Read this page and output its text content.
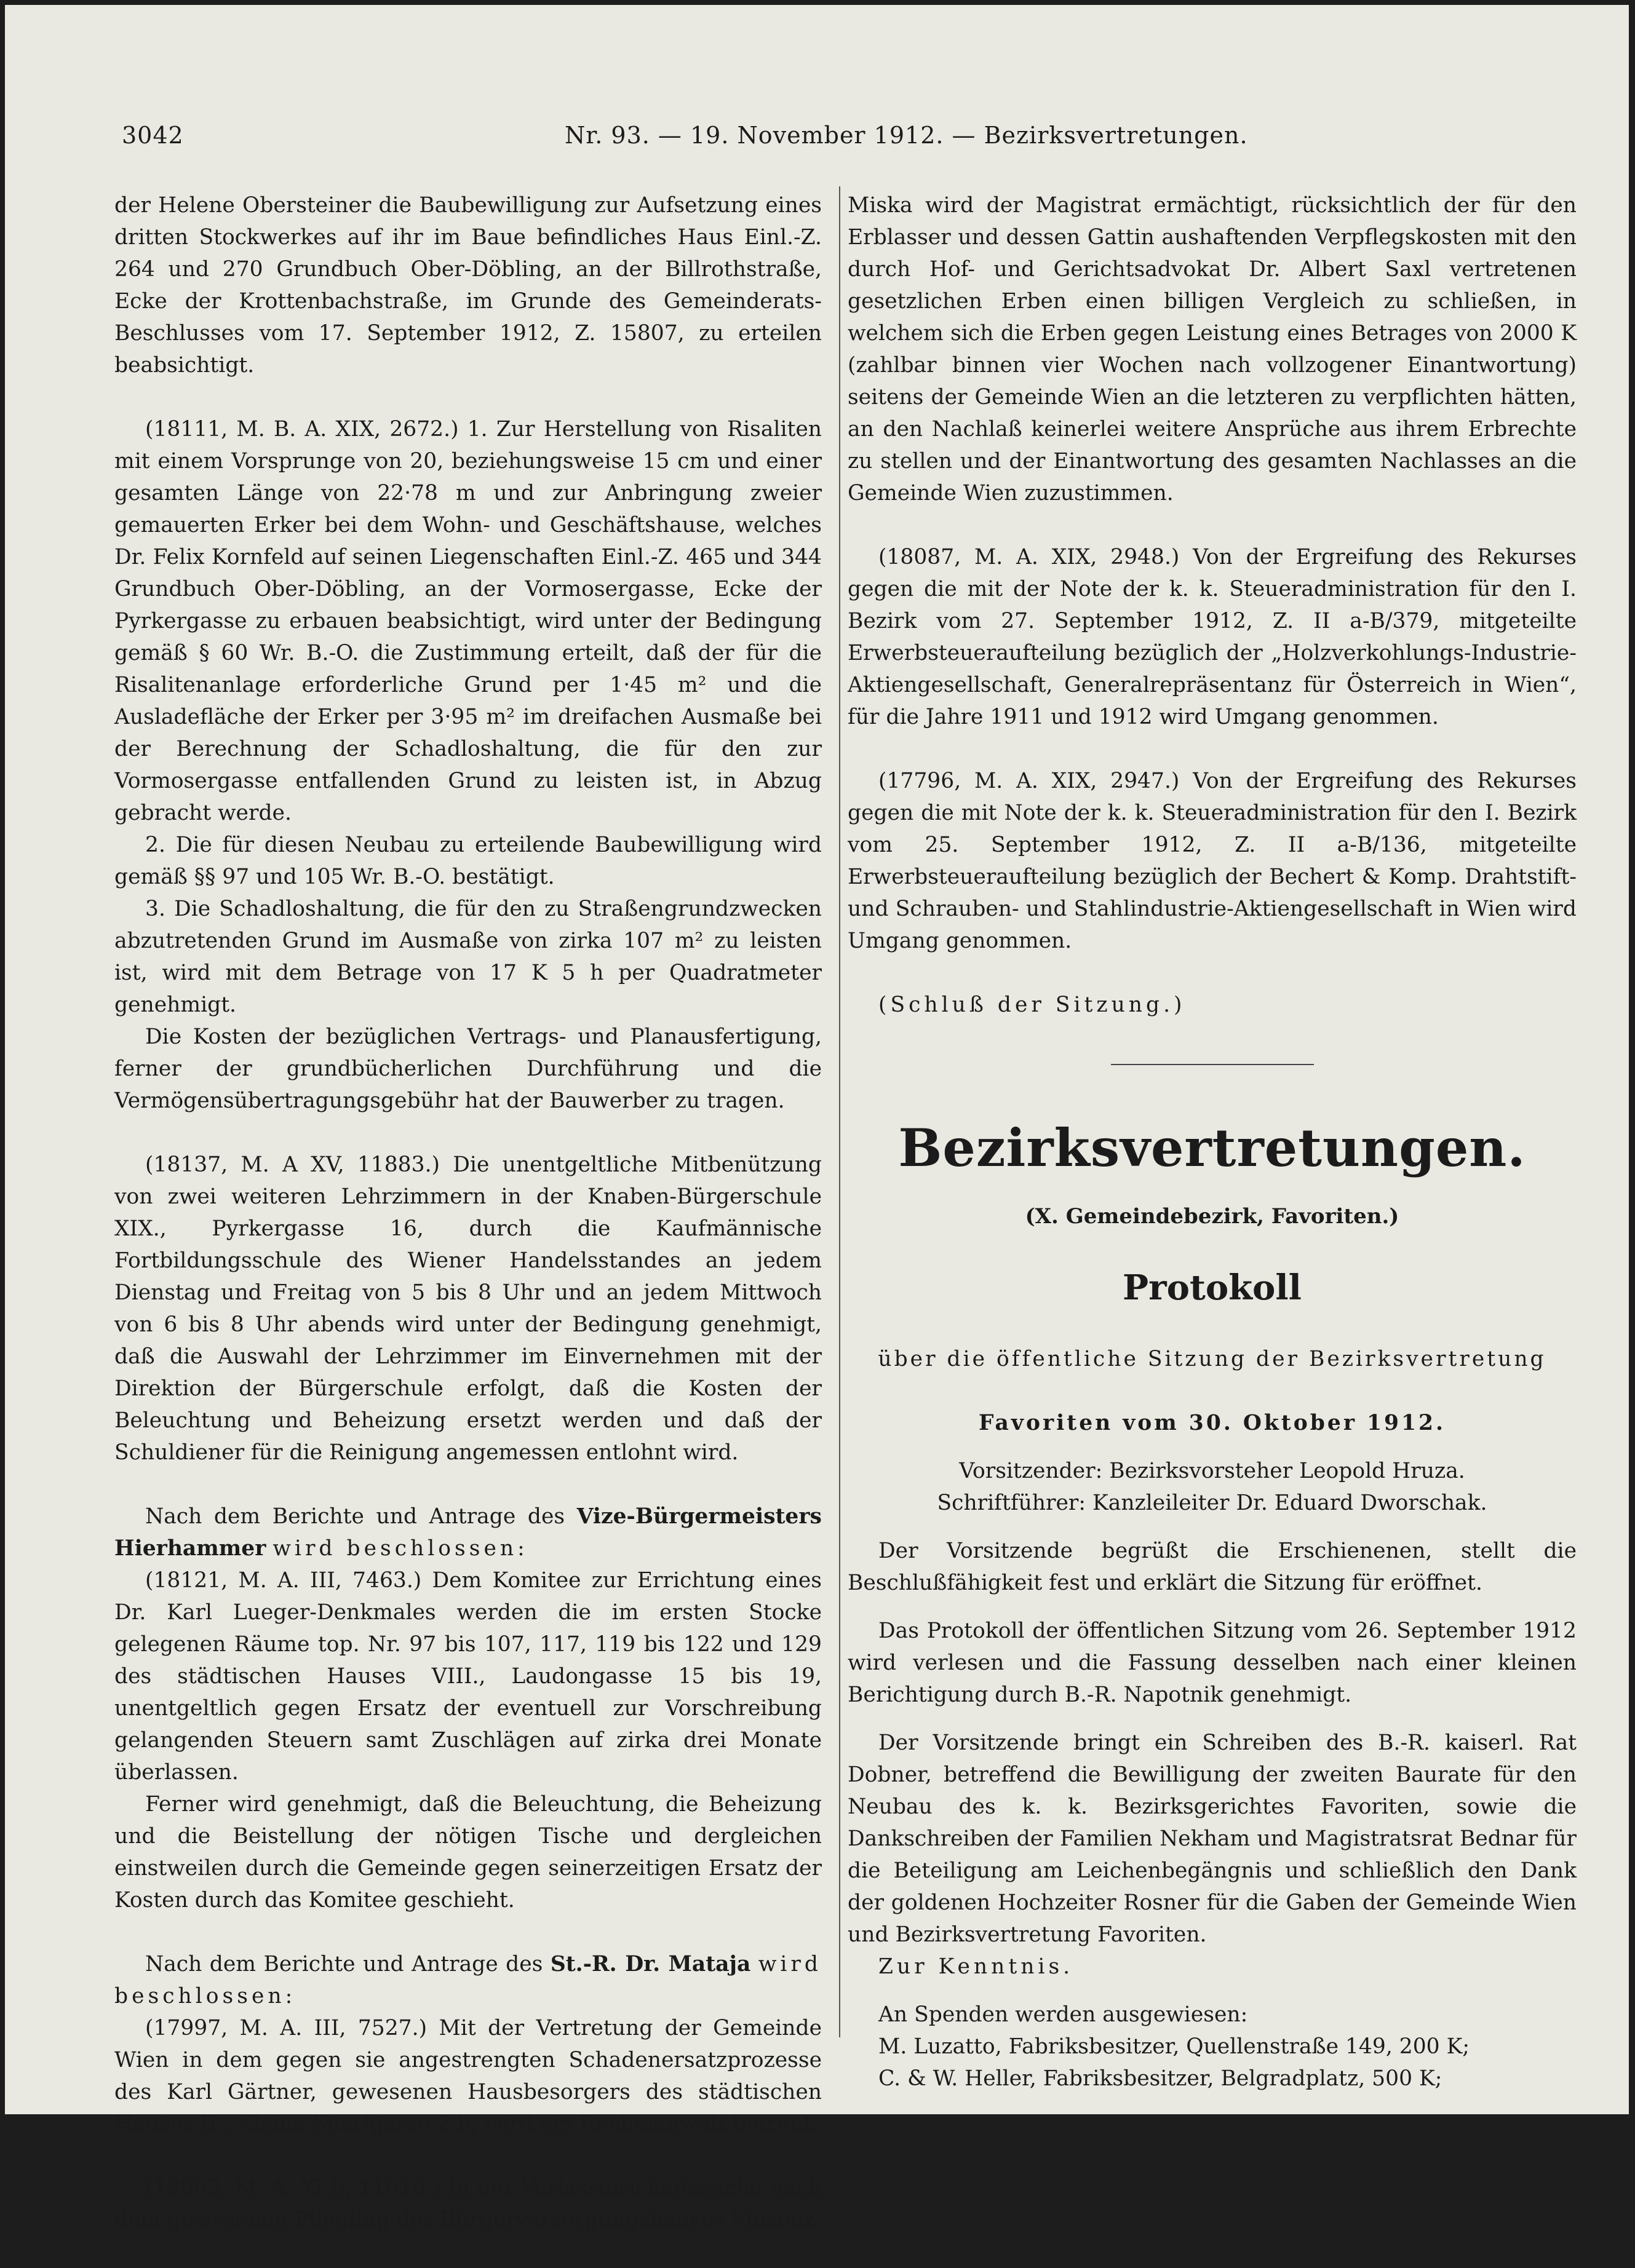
3042	Nr. 93. — 19. November 1912. — Bezirksvertretungen.

der Helene Obersteiner die Baubewilligung zur Aufsetzung eines dritten Stockwerkes auf ihr im Baue befindliches Haus Einl.-Z. 264 und 270 Grundbuch Ober-Döbling, an der Billrothstraße, Ecke der Krottenbachstraße, im Grunde des Gemeinderats-Beschlusses vom 17. September 1912, Z. 15807, zu erteilen beabsichtigt.

(18111, M. B. A. XIX, 2672.) 1. Zur Herstellung von Risaliten mit einem Vorsprunge von 20, beziehungsweise 15 cm und einer gesamten Länge von 22·78 m und zur Anbringung zweier gemauerten Erker bei dem Wohn- und Geschäftshause, welches Dr. Felix Kornfeld auf seinen Liegenschaften Einl.-Z. 465 und 344 Grundbuch Ober-Döbling, an der Vormosergasse, Ecke der Pyrkergasse zu erbauen beabsichtigt, wird unter der Bedingung gemäß § 60 Wr. B.-O. die Zustimmung erteilt, daß der für die Risalitenanlage erforderliche Grund per 1·45 m² und die Ausladefläche der Erker per 3·95 m² im dreifachen Ausmaße bei der Berechnung der Schadloshaltung, die für den zur Vormosergasse entfallenden Grund zu leisten ist, in Abzug gebracht werde.

2. Die für diesen Neubau zu erteilende Baubewilligung wird gemäß §§ 97 und 105 Wr. B.-O. bestätigt.

3. Die Schadloshaltung, die für den zu Straßengrundzwecken abzutretenden Grund im Ausmaße von zirka 107 m² zu leisten ist, wird mit dem Betrage von 17 K 5 h per Quadratmeter genehmigt.

Die Kosten der bezüglichen Vertrags- und Planausfertigung, ferner der grundbücherlichen Durchführung und die Vermögensübertragungsgebühr hat der Bauwerber zu tragen.

(18137, M. A XV, 11883.) Die unentgeltliche Mitbenützung von zwei weiteren Lehrzimmern in der Knaben-Bürgerschule XIX., Pyrkergasse 16, durch die Kaufmännische Fortbildungsschule des Wiener Handelsstandes an jedem Dienstag und Freitag von 5 bis 8 Uhr und an jedem Mittwoch von 6 bis 8 Uhr abends wird unter der Bedingung genehmigt, daß die Auswahl der Lehrzimmer im Einvernehmen mit der Direktion der Bürgerschule erfolgt, daß die Kosten der Beleuchtung und Beheizung ersetzt werden und daß der Schuldiener für die Reinigung angemessen entlohnt wird.

Nach dem Berichte und Antrage des Vize-Bürgermeisters Hierhammer wird beschlossen:

(18121, M. A. III, 7463.) Dem Komitee zur Errichtung eines Dr. Karl Lueger-Denkmales werden die im ersten Stocke gelegenen Räume top. Nr. 97 bis 107, 117, 119 bis 122 und 129 des städtischen Hauses VIII., Laudongasse 15 bis 19, unentgeltlich gegen Ersatz der eventuell zur Vorschreibung gelangenden Steuern samt Zuschlägen auf zirka drei Monate überlassen.

Ferner wird genehmigt, daß die Beleuchtung, die Beheizung und die Beistellung der nötigen Tische und dergleichen einstweilen durch die Gemeinde gegen seinerzeitigen Ersatz der Kosten durch das Komitee geschieht.

Nach dem Berichte und Antrage des St.-R. Dr. Mataja wird beschlossen:

(17997, M. A. III, 7527.) Mit der Vertretung der Gemeinde Wien in dem gegen sie angestrengten Schadenersatzprozesse des Karl Gärtner, gewesenen Hausbesorgers des städtischen Hauses II., Kleine Sperlgasse 2 b, wird ein Rechtsanwalt betraut.

(18063, M. A. XI b, 11610.) In der Verlassenschaftssache nach dem gewesenen Pflegling des Bürgerversorgungshauses Vinzenz

Miska wird der Magistrat ermächtigt, rücksichtlich der für den Erblasser und dessen Gattin aushaftenden Verpflegskosten mit den durch Hof- und Gerichtsadvokat Dr. Albert Saxl vertretenen gesetzlichen Erben einen billigen Vergleich zu schließen, in welchem sich die Erben gegen Leistung eines Betrages von 2000 K (zahlbar binnen vier Wochen nach vollzogener Einantwortung) seitens der Gemeinde Wien an die letzteren zu verpflichten hätten, an den Nachlaß keinerlei weitere Ansprüche aus ihrem Erbrechte zu stellen und der Einantwortung des gesamten Nachlasses an die Gemeinde Wien zuzustimmen.

(18087, M. A. XIX, 2948.) Von der Ergreifung des Rekurses gegen die mit der Note der k. k. Steueradministration für den I. Bezirk vom 27. September 1912, Z. II a-B/379, mitgeteilte Erwerbsteueraufteilung bezüglich der „Holzverkohlungs-Industrie-Aktiengesellschaft, Generalrepräsentanz für Österreich in Wien“, für die Jahre 1911 und 1912 wird Umgang genommen.

(17796, M. A. XIX, 2947.) Von der Ergreifung des Rekurses gegen die mit Note der k. k. Steueradministration für den I. Bezirk vom 25. September 1912, Z. II a-B/136, mitgeteilte Erwerbsteueraufteilung bezüglich der Bechert & Komp. Drahtstift- und Schrauben- und Stahlindustrie-Aktiengesellschaft in Wien wird Umgang genommen.

(Schluß der Sitzung.)

Bezirksvertretungen.

(X. Gemeindebezirk, Favoriten.)

Protokoll

über die öffentliche Sitzung der Bezirksvertretung

Favoriten vom 30. Oktober 1912.

Vorsitzender: Bezirksvorsteher Leopold Hruza.

Schriftführer: Kanzleileiter Dr. Eduard Dworschak.

Der Vorsitzende begrüßt die Erschienenen, stellt die Beschlußfähigkeit fest und erklärt die Sitzung für eröffnet.

Das Protokoll der öffentlichen Sitzung vom 26. September 1912 wird verlesen und die Fassung desselben nach einer kleinen Berichtigung durch B.-R. Napotnik genehmigt.

Der Vorsitzende bringt ein Schreiben des B.-R. kaiserl. Rat Dobner, betreffend die Bewilligung der zweiten Baurate für den Neubau des k. k. Bezirksgerichtes Favoriten, sowie die Dankschreiben der Familien Nekham und Magistratsrat Bednar für die Beteiligung am Leichenbegängnis und schließlich den Dank der goldenen Hochzeiter Rosner für die Gaben der Gemeinde Wien und Bezirksvertretung Favoriten.

Zur Kenntnis.

An Spenden werden ausgewiesen:

M. Luzatto, Fabriksbesitzer, Quellenstraße 149, 200 K;

C. & W. Heller, Fabriksbesitzer, Belgradplatz, 500 K;
